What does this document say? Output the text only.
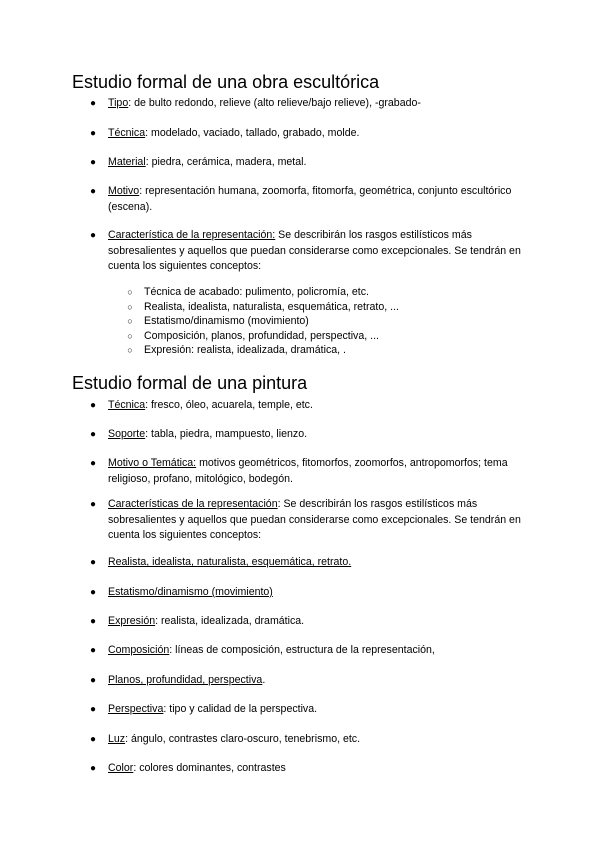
Estudio formal de una obra escultórica
● Tipo: de bulto redondo, relieve (alto relieve/bajo relieve), -grabado-
● Técnica: modelado, vaciado, tallado, grabado, molde.
● Material: piedra, cerámica, madera, metal.
● Motivo: representación humana, zoomorfa, fitomorfa, geométrica, conjunto escultórico (escena).
● Característica de la representación: Se describirán los rasgos estilísticos más sobresalientes y aquellos que puedan considerarse como excepcionales. Se tendrán en cuenta los siguientes conceptos:
○	Técnica de acabado: pulimento, policromía, etc.
○	Realista, idealista, naturalista, esquemática, retrato, ...
○	Estatismo/dinamismo (movimiento)
○	Composición, planos, profundidad, perspectiva, ...
○	Expresión: realista, idealizada, dramática, .
Estudio formal de una pintura
● Técnica: fresco, óleo, acuarela, temple, etc.
● Soporte: tabla, piedra, mampuesto, lienzo.
● Motivo o Temática: motivos geométricos, fitomorfos, zoomorfos, antropomorfos; tema religioso, profano, mitológico, bodegón.
● Características de la representación: Se describirán los rasgos estilísticos más sobresalientes y aquellos que puedan considerarse como excepcionales. Se tendrán en cuenta los siguientes conceptos:
● Realista, idealista, naturalista, esquemática, retrato.
● Estatismo/dinamismo (movimiento)
● Expresión: realista, idealizada, dramática.
● Composición: líneas de composición, estructura de la representación,
● Planos, profundidad, perspectiva.
● Perspectiva: tipo y calidad de la perspectiva.
● Luz: ángulo, contrastes claro-oscuro, tenebrismo, etc.
● Color: colores dominantes, contrastes
